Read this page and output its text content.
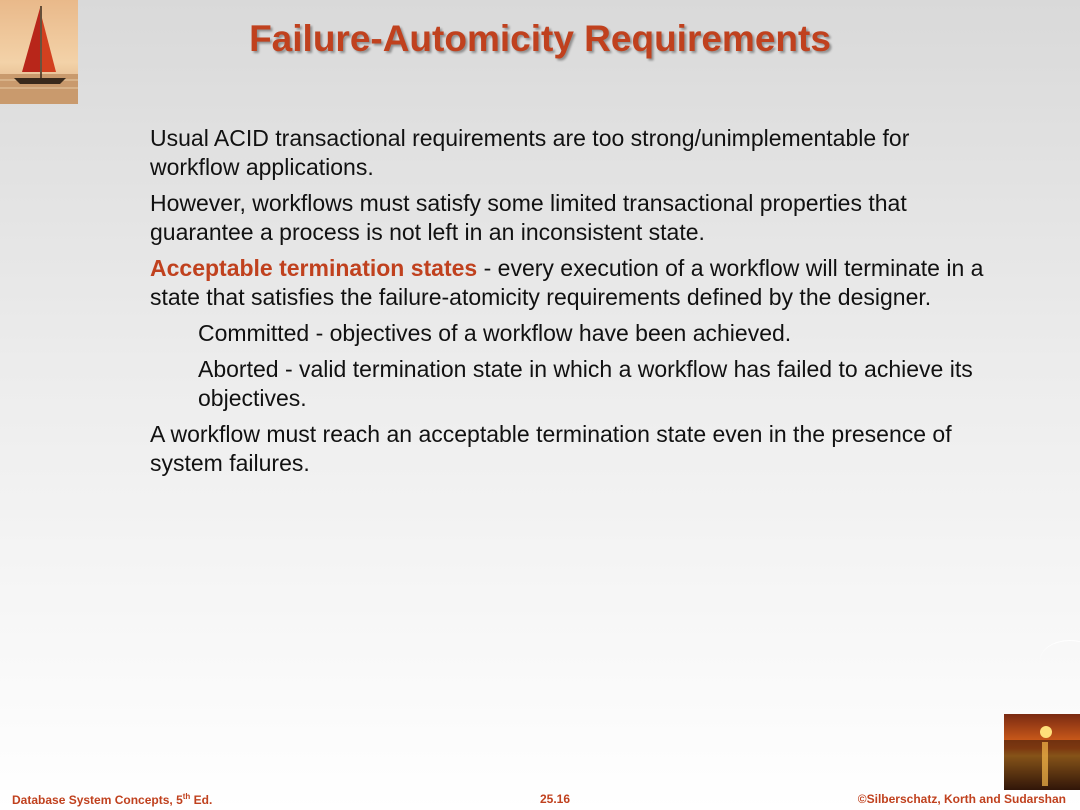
Failure-Automicity Requirements

Usual ACID transactional requirements are too strong/unimplementable for workflow applications.

However, workflows must satisfy some limited transactional properties that guarantee a process is not left in an inconsistent state.

Acceptable termination states - every execution of a workflow will terminate in a state that satisfies the failure-atomicity requirements defined by the designer.

Committed - objectives of a workflow have been achieved.

Aborted - valid termination state in which a workflow has failed to achieve its objectives.

A workflow must reach an acceptable termination state even in the presence of system failures.

Database System Concepts, 5th Ed.	25.16	©Silberschatz, Korth and Sudarshan
